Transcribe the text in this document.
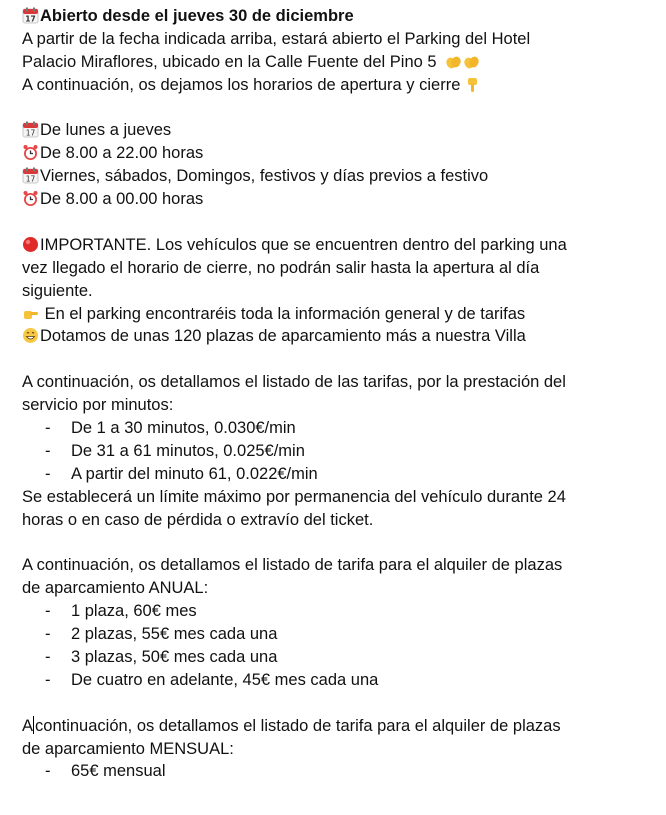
17 Abierto desde el jueves 30 de diciembre
A partir de la fecha indicada arriba, estará abierto el Parking del Hotel
Palacio Miraflores, ubicado en la Calle Fuente del Pino 5
A continuación, os dejamos los horarios de apertura y cierre
17 De lunes a jueves
De 8.00 a 22.00 horas
17 Viernes, sábados, Domingos, festivos y días previos a festivo
De 8.00 a 00.00 horas
IMPORTANTE. Los vehículos que se encuentren dentro del parking una
vez llegado el horario de cierre, no podrán salir hasta la apertura al día
siguiente.
En el parking encontraréis toda la información general y de tarifas
Dotamos de unas 120 plazas de aparcamiento más a nuestra Villa
A continuación, os detallamos el listado de las tarifas, por la prestación del
servicio por minutos:
- De 1 a 30 minutos, 0.030€/min
- De 31 a 61 minutos, 0.025€/min
- A partir del minuto 61, 0.022€/min
Se establecerá un límite máximo por permanencia del vehículo durante 24
horas o en caso de pérdida o extravío del ticket.
A continuación, os detallamos el listado de tarifa para el alquiler de plazas
de aparcamiento ANUAL:
- 1 plaza, 60€ mes
- 2 plazas, 55€ mes cada una
- 3 plazas, 50€ mes cada una
- De cuatro en adelante, 45€ mes cada una
A continuación, os detallamos el listado de tarifa para el alquiler de plazas
de aparcamiento MENSUAL:
- 65€ mensual
